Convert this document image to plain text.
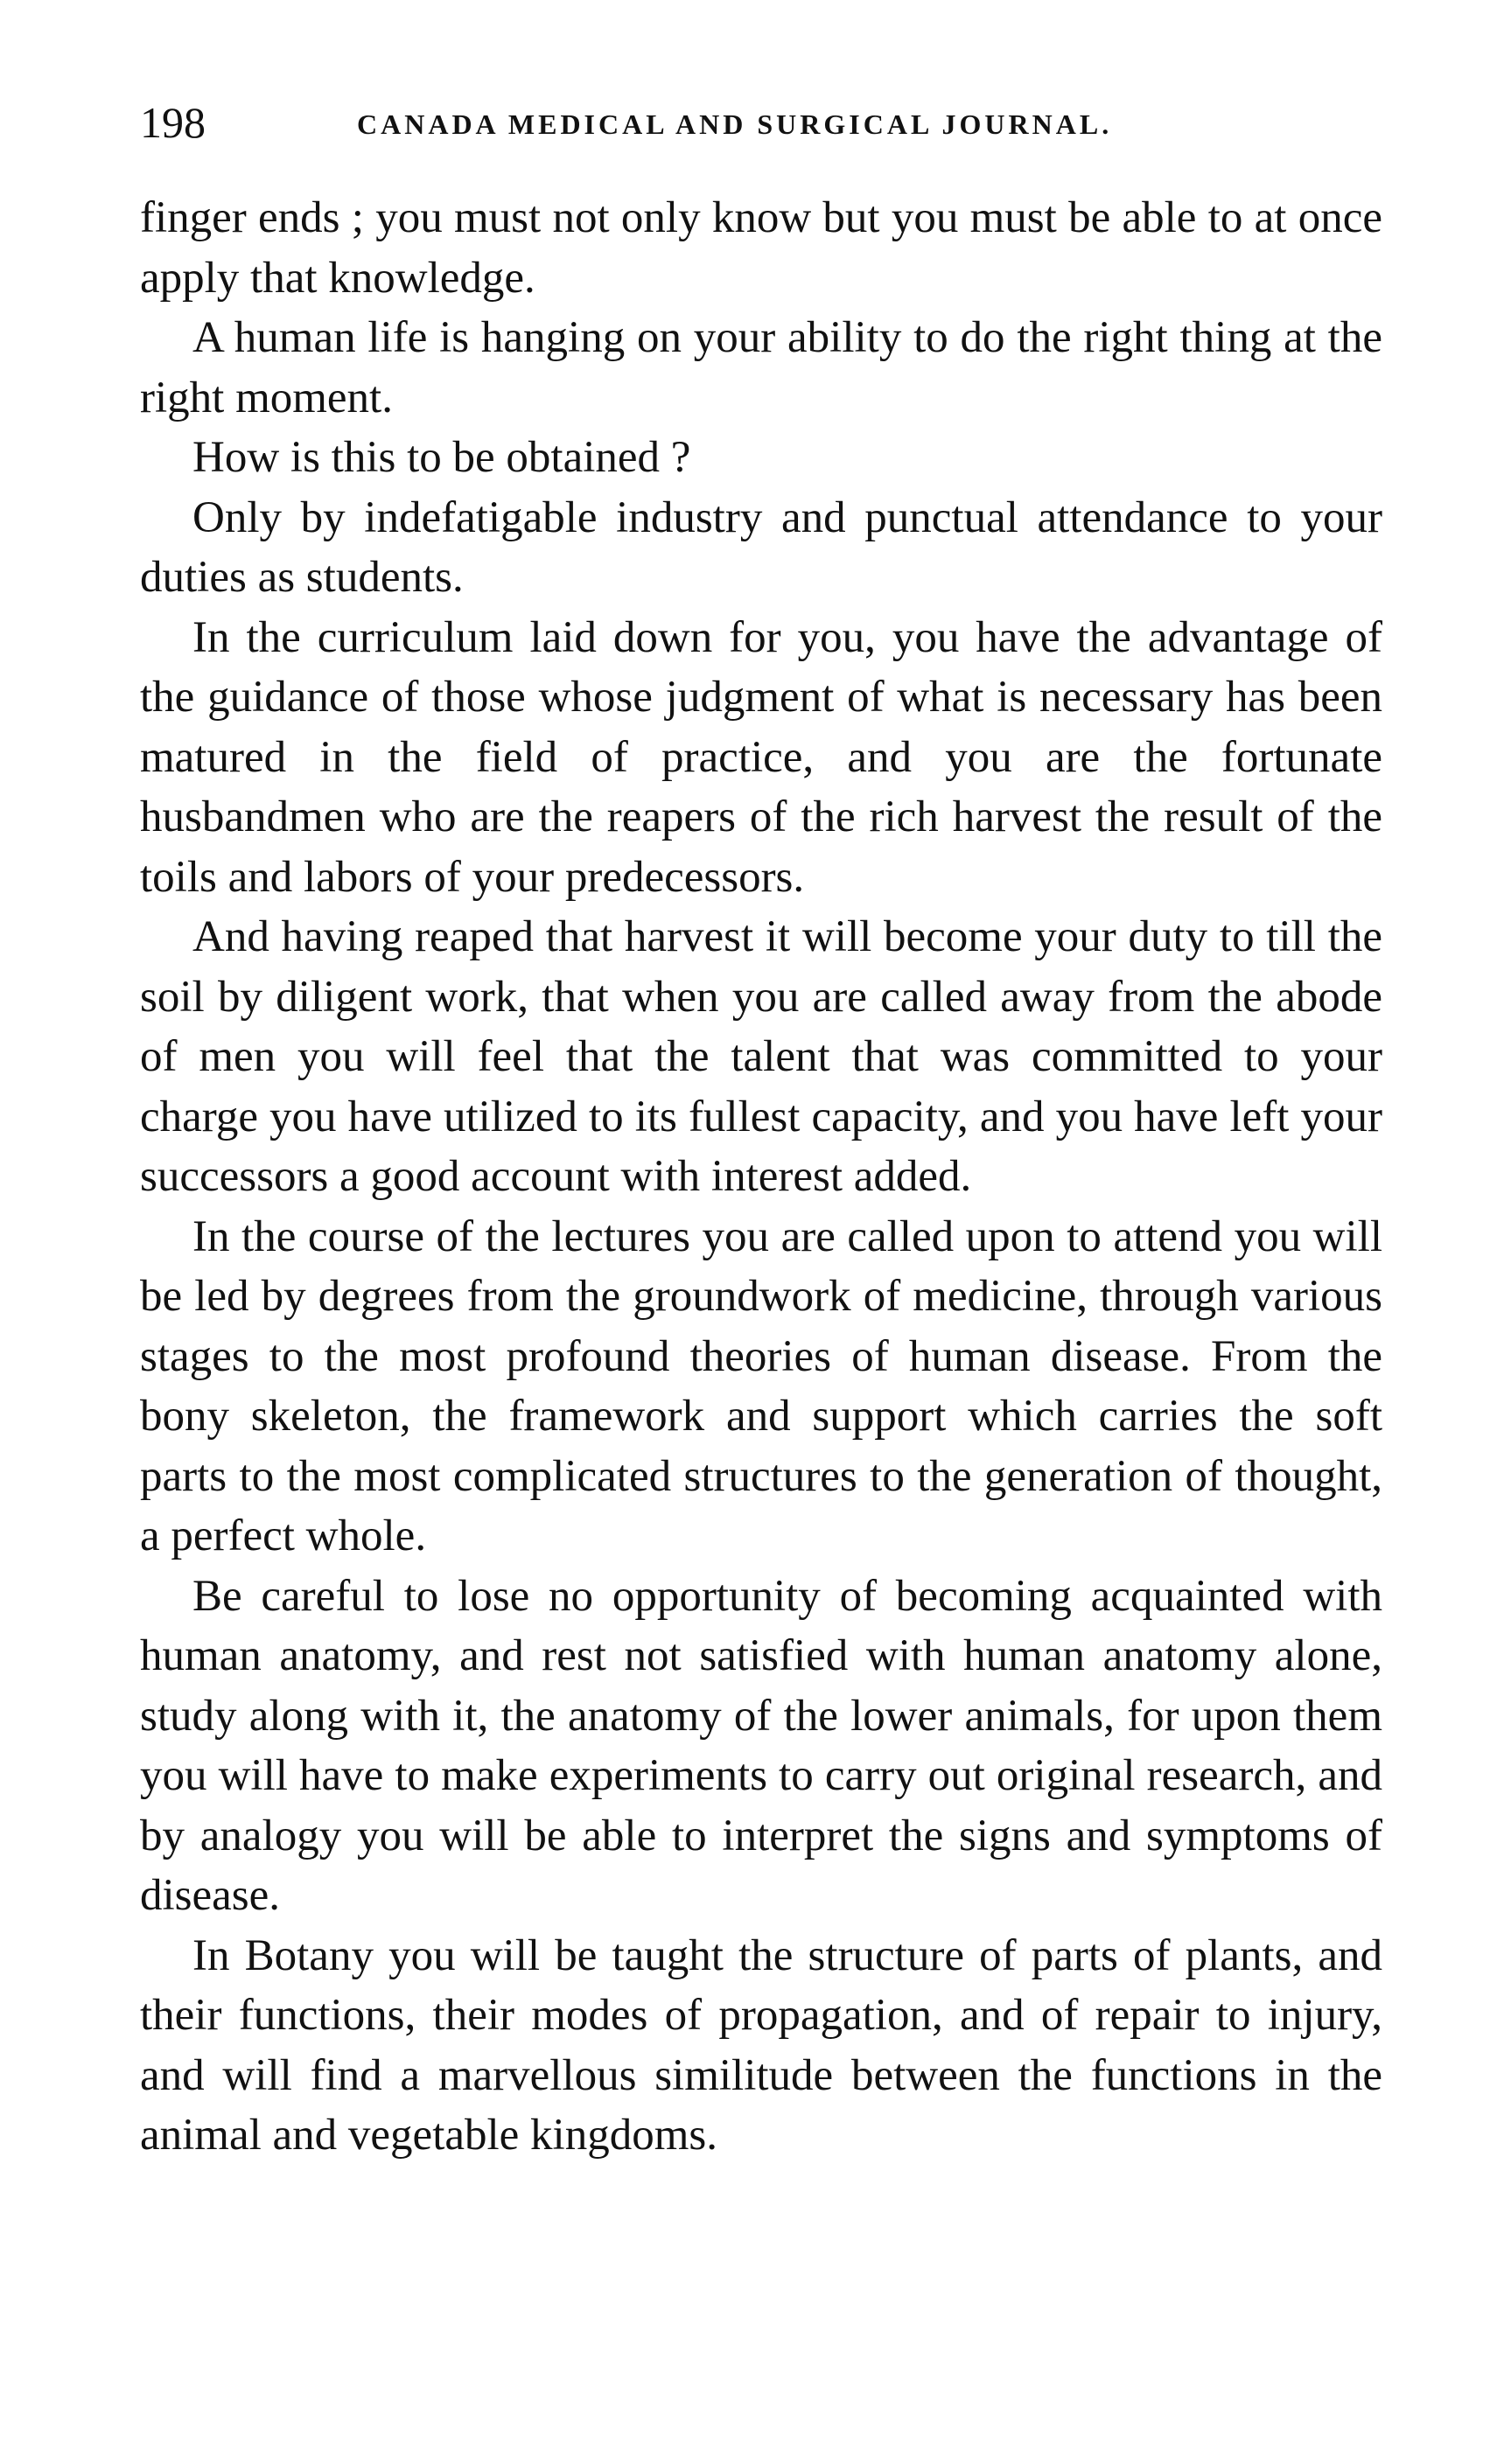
198	CANADA MEDICAL AND SURGICAL JOURNAL.

finger ends ; you must not only know but you must be able to at once apply that knowledge.

A human life is hanging on your ability to do the right thing at the right moment.

How is this to be obtained ?

Only by indefatigable industry and punctual attendance to your duties as students.

In the curriculum laid down for you, you have the advantage of the guidance of those whose judgment of what is necessary has been matured in the field of practice, and you are the fortunate husbandmen who are the reapers of the rich harvest the result of the toils and labors of your predecessors.

And having reaped that harvest it will become your duty to till the soil by diligent work, that when you are called away from the abode of men you will feel that the talent that was committed to your charge you have utilized to its fullest capacity, and you have left your successors a good account with interest added.

In the course of the lectures you are called upon to attend you will be led by degrees from the groundwork of medicine, through various stages to the most profound theories of human disease. From the bony skeleton, the framework and support which carries the soft parts to the most complicated structures to the generation of thought, a perfect whole.

Be careful to lose no opportunity of becoming acquainted with human anatomy, and rest not satisfied with human anatomy alone, study along with it, the anatomy of the lower animals, for upon them you will have to make experiments to carry out original research, and by analogy you will be able to interpret the signs and symptoms of disease.

In Botany you will be taught the structure of parts of plants, and their functions, their modes of propagation, and of repair to injury, and will find a marvellous similitude between the functions in the animal and vegetable kingdoms.
